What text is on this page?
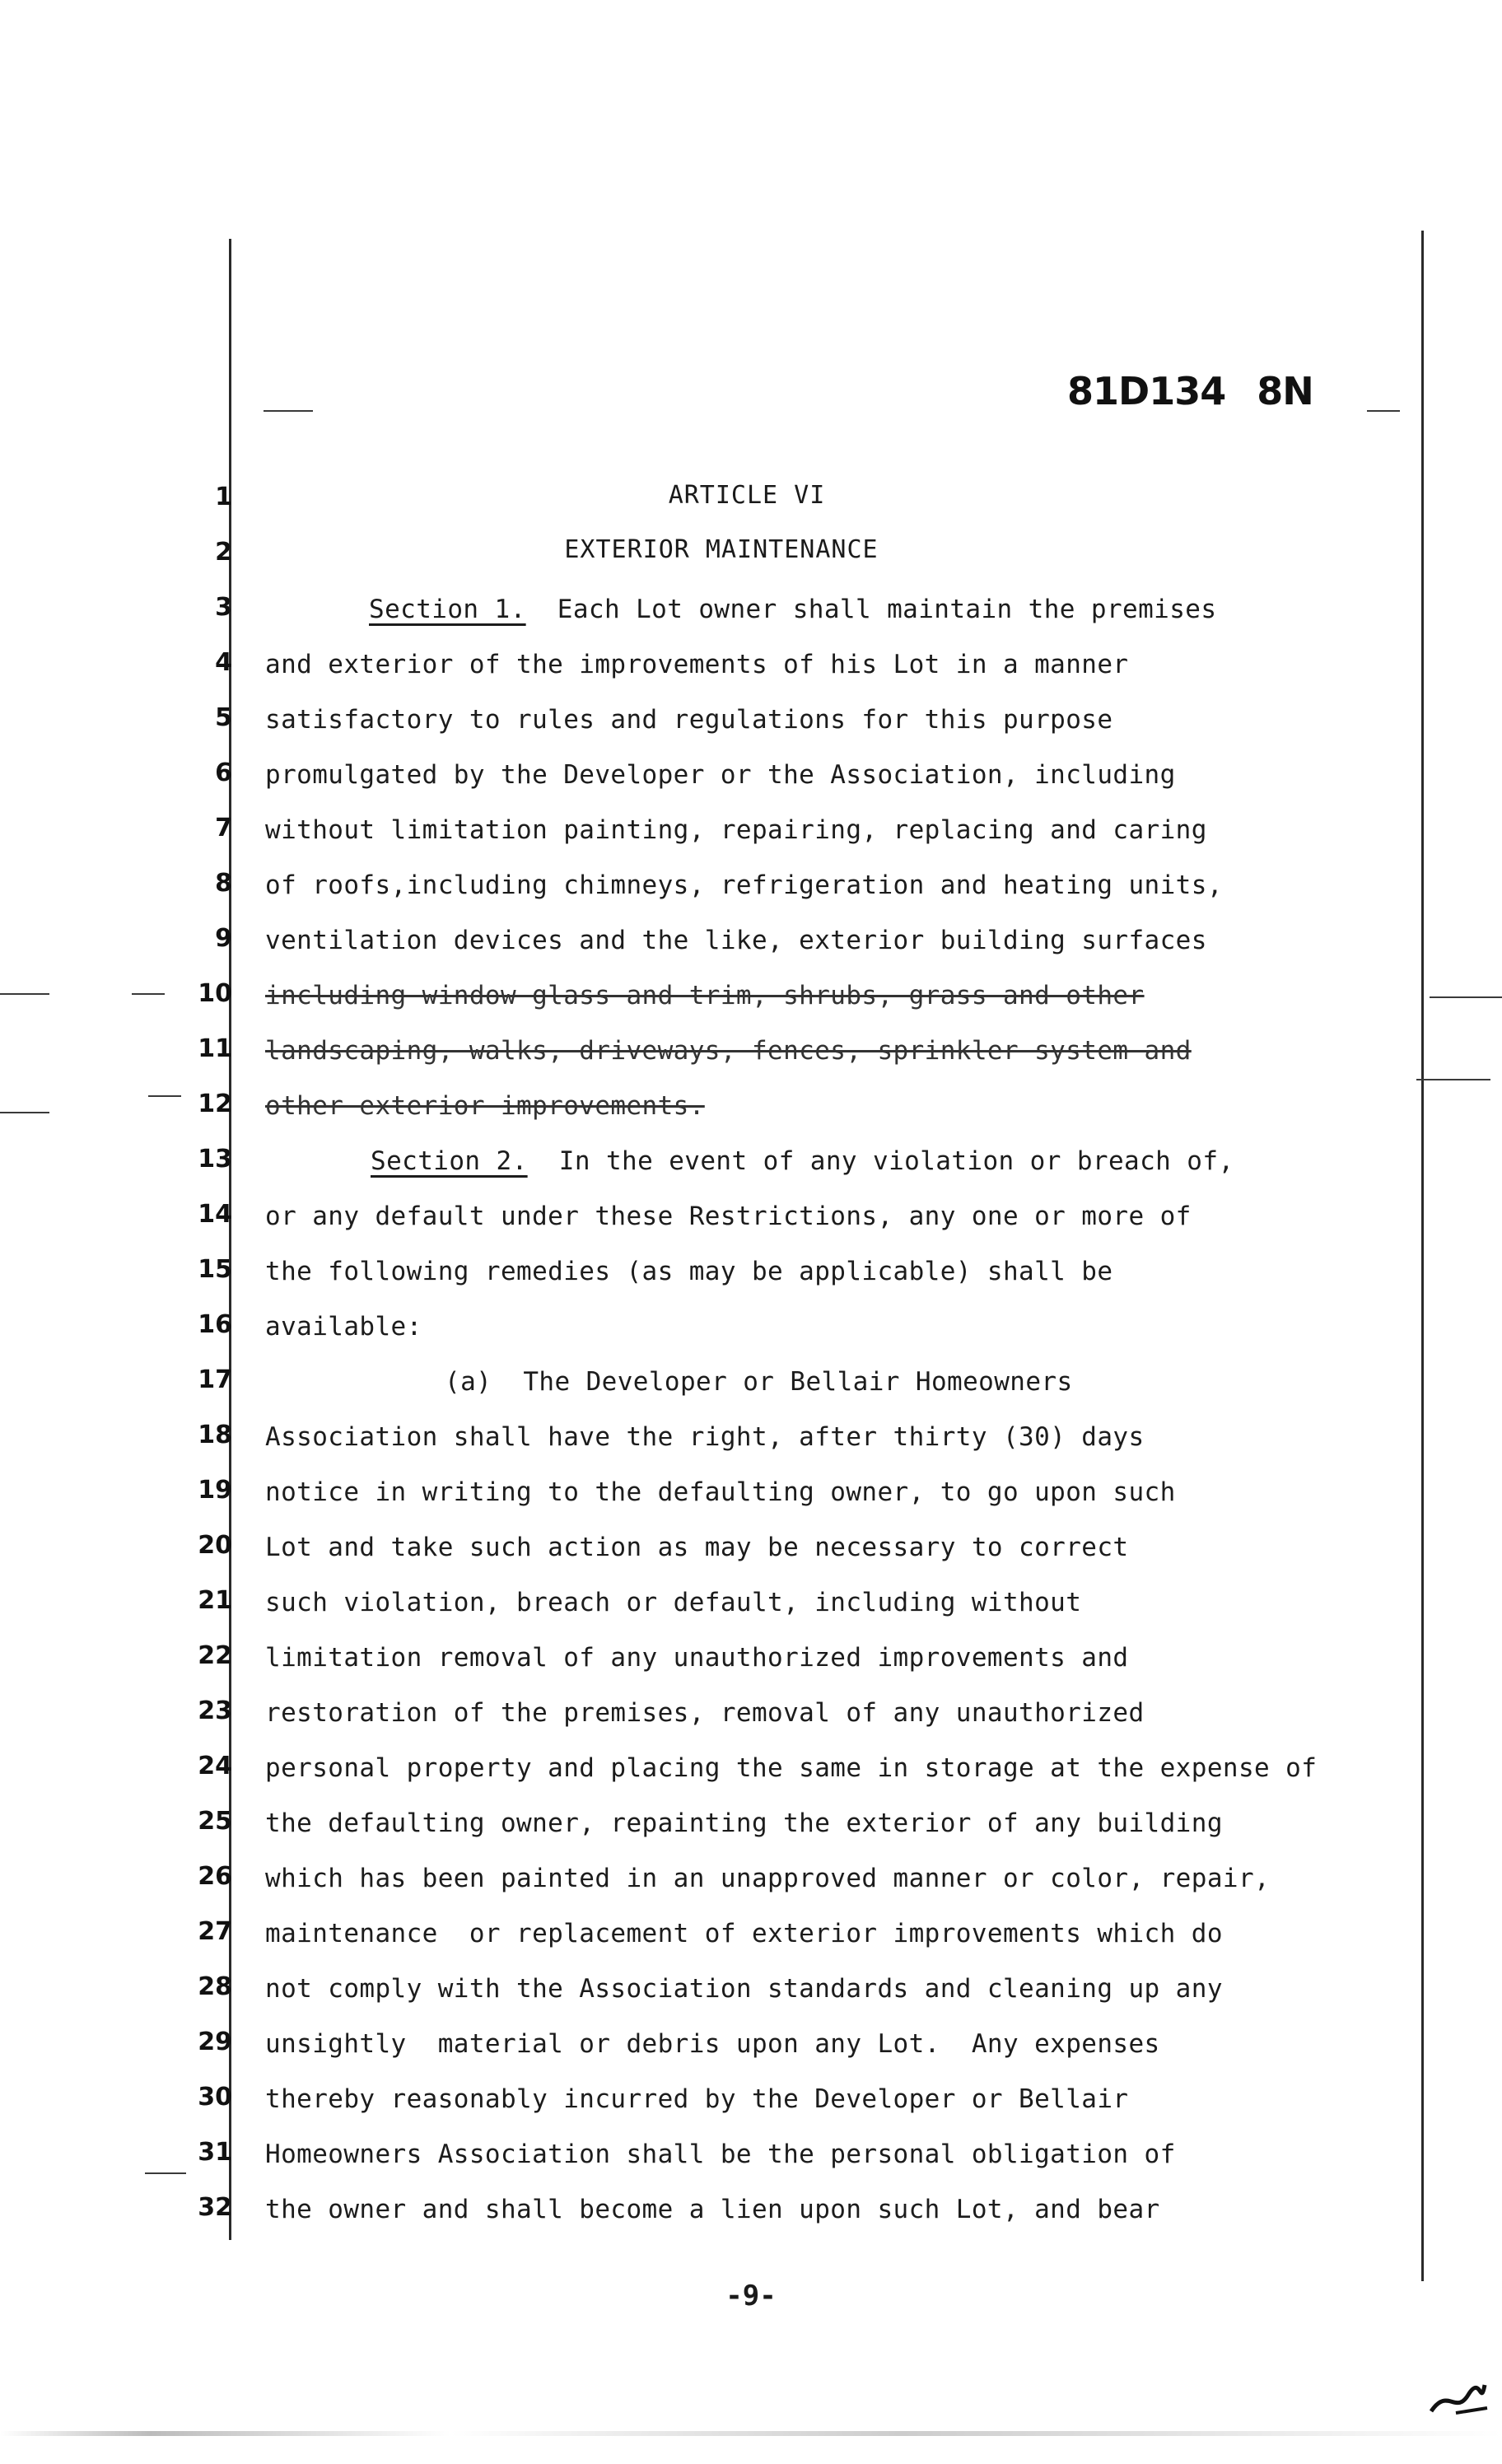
81D134 8N
ARTICLE VI
EXTERIOR MAINTENANCE
1
2
3	Section 1.  Each Lot owner shall maintain the premises
4 and exterior of the improvements of his Lot in a manner
5 satisfactory to rules and regulations for this purpose
6 promulgated by the Developer or the Association, including
7 without limitation painting, repairing, replacing and caring
8 of roofs,including chimneys, refrigeration and heating units,
9 ventilation devices and the like, exterior building surfaces
10 including window glass and trim, shrubs, grass and other
11 landscaping, walks, driveways, fences, sprinkler system and
12 other exterior improvements.
13	Section 2.  In the event of any violation or breach of,
14 or any default under these Restrictions, any one or more of
15 the following remedies (as may be applicable) shall be
16 available:
17	(a)  The Developer or Bellair Homeowners
18 Association shall have the right, after thirty (30) days
19 notice in writing to the defaulting owner, to go upon such
20 Lot and take such action as may be necessary to correct
21 such violation, breach or default, including without
22 limitation removal of any unauthorized improvements and
23 restoration of the premises, removal of any unauthorized
24 personal property and placing the same in storage at the expense of
25 the defaulting owner, repainting the exterior of any building
26 which has been painted in an unapproved manner or color, repair,
27 maintenance  or replacement of exterior improvements which do
28 not comply with the Association standards and cleaning up any
29 unsightly  material or debris upon any Lot.  Any expenses
30 thereby reasonably incurred by the Developer or Bellair
31 Homeowners Association shall be the personal obligation of
32 the owner and shall become a lien upon such Lot, and bear
-9-
